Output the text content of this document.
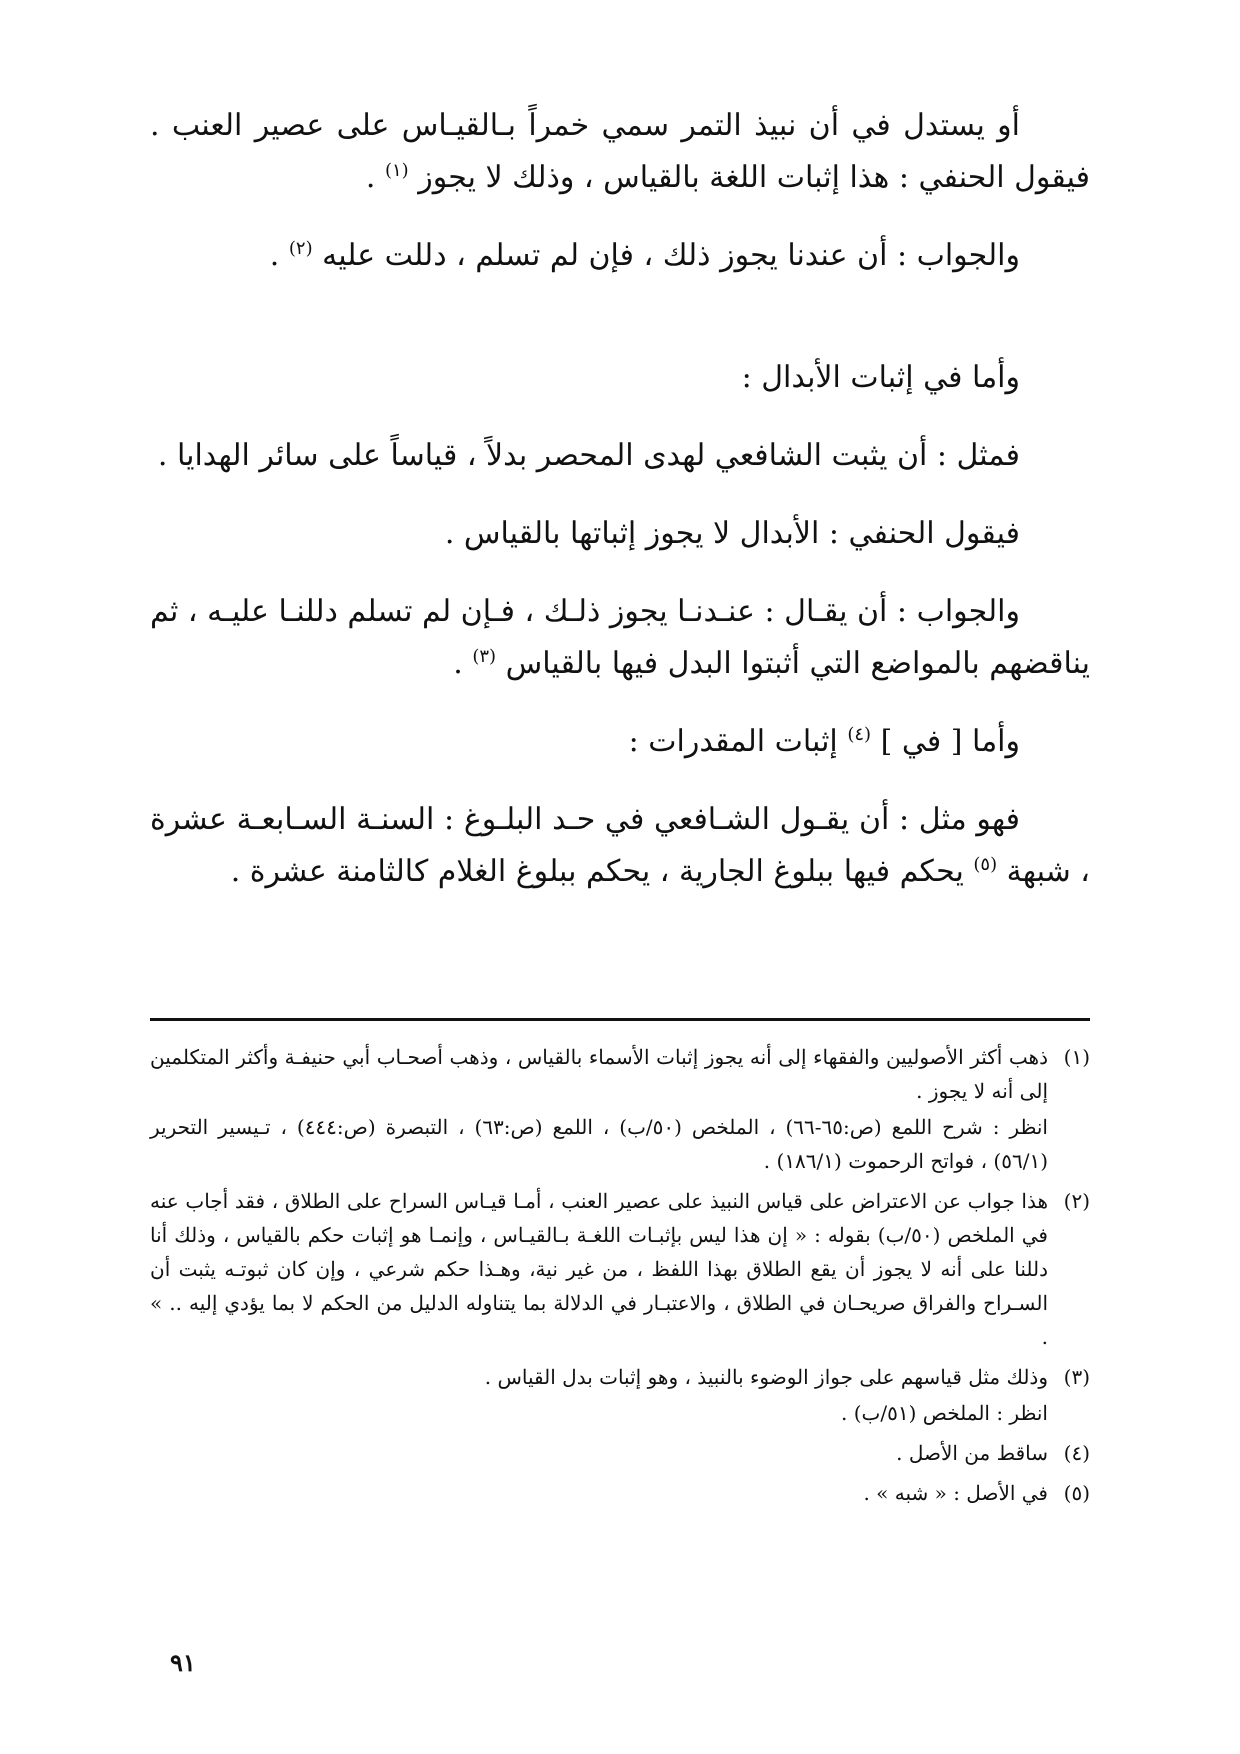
أو يستدل في أن نبيذ التمر سمي خمراً بـالقيـاس على عصير العنب . فيقول الحنفي : هذا إثبات اللغة بالقياس ، وذلك لا يجوز $^{(١)}$ .

والجواب : أن عندنا يجوز ذلك ، فإن لم تسلم ، دللت عليه $^{(٢)}$ .

وأما في إثبات الأبدال :

فمثل : أن يثبت الشافعي لهدى المحصر بدلاً ، قياساً على سائر الهدايا .

فيقول الحنفي : الأبدال لا يجوز إثباتها بالقياس .

والجواب : أن يقـال : عنـدنـا يجوز ذلـك ، فـإن لم تسلم دللنـا عليـه ، ثم يناقضهم بالمواضع التي أثبتوا البدل فيها بالقياس $^{(٣)}$ .

وأما [ في ] $^{(٤)}$ إثبات المقدرات :

فهو مثل : أن يقـول الشـافعي في حـد البلـوغ : السنـة السـابعـة عشرة ، شبهة $^{(٥)}$ يحكم فيها ببلوغ الجارية ، يحكم ببلوغ الغلام كالثامنة عشرة .

(١)

ذهب أكثر الأصوليين والفقهاء إلى أنه يجوز إثبات الأسماء بالقياس ، وذهب أصحـاب أبي حنيفـة وأكثر المتكلمين إلى أنه لا يجوز .

انظر : شرح اللمع (ص:٦٥-٦٦) ، الملخص (٥٠/ب) ، اللمع (ص:٦٣) ، التبصرة (ص:٤٤٤) ، تـيسير التحرير (٥٦/١) ، فواتح الرحموت (١٨٦/١) .

(٢)

هذا جواب عن الاعتراض على قياس النبيذ على عصير العنب ، أمـا قيـاس السراح على الطلاق ، فقد أجاب عنه في الملخص (٥٠/ب) بقوله : « إن هذا ليس بإثبـات اللغـة بـالقيـاس ، وإنمـا هو إثبات حكم بالقياس ، وذلك أنا دللنا على أنه لا يجوز أن يقع الطلاق بهذا اللفظ ، من غير نية، وهـذا حكم شرعي ، وإن كان ثبوتـه يثبت أن السـراح والفراق صريحـان في الطلاق ، والاعتبـار في الدلالة بما يتناوله الدليل من الحكم لا بما يؤدي إليه .. » .

(٣)

وذلك مثل قياسهم على جواز الوضوء بالنبيذ ، وهو إثبات بدل القياس .

انظر : الملخص (٥١/ب) .

(٤)

ساقط من الأصل .

(٥)

في الأصل : « شبه » .

٩١
